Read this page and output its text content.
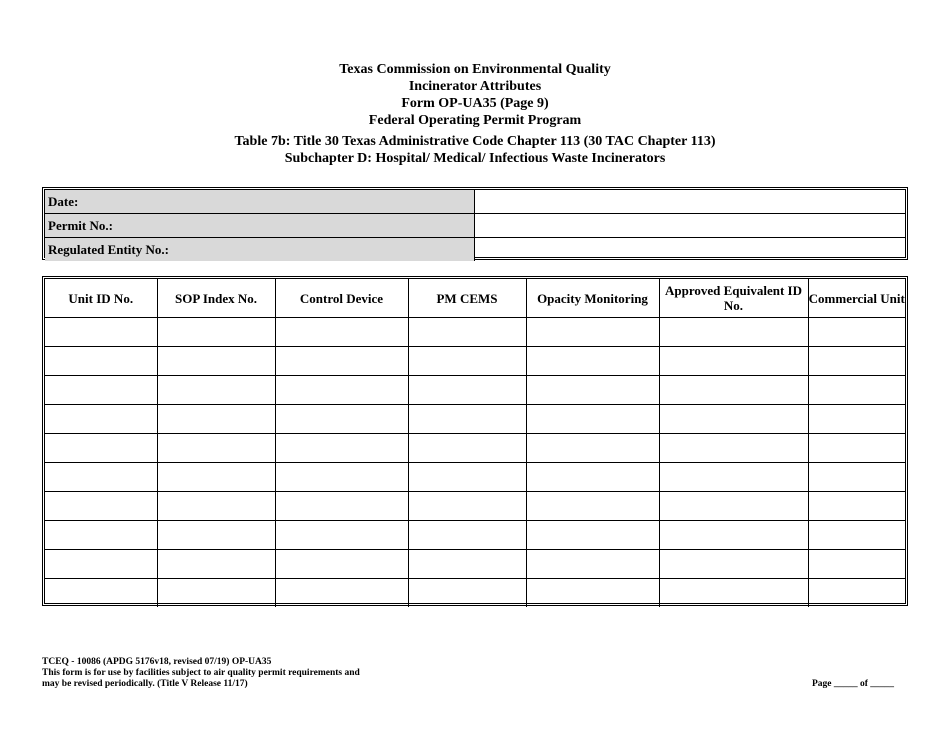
Texas Commission on Environmental Quality
Incinerator Attributes
Form OP-UA35 (Page 9)
Federal Operating Permit Program
Table 7b: Title 30 Texas Administrative Code Chapter 113 (30 TAC Chapter 113)
Subchapter D: Hospital/ Medical/ Infectious Waste Incinerators
Date:
Permit No.:
Regulated Entity No.:
Unit ID No.	SOP Index No.	Control Device	PM CEMS	Opacity Monitoring	Approved Equivalent ID No.	Commercial Unit

TCEQ - 10086 (APDG 5176v18, revised 07/19) OP-UA35
This form is for use by facilities subject to air quality permit requirements and
may be revised periodically. (Title V Release 11/17)	Page _____ of _____
